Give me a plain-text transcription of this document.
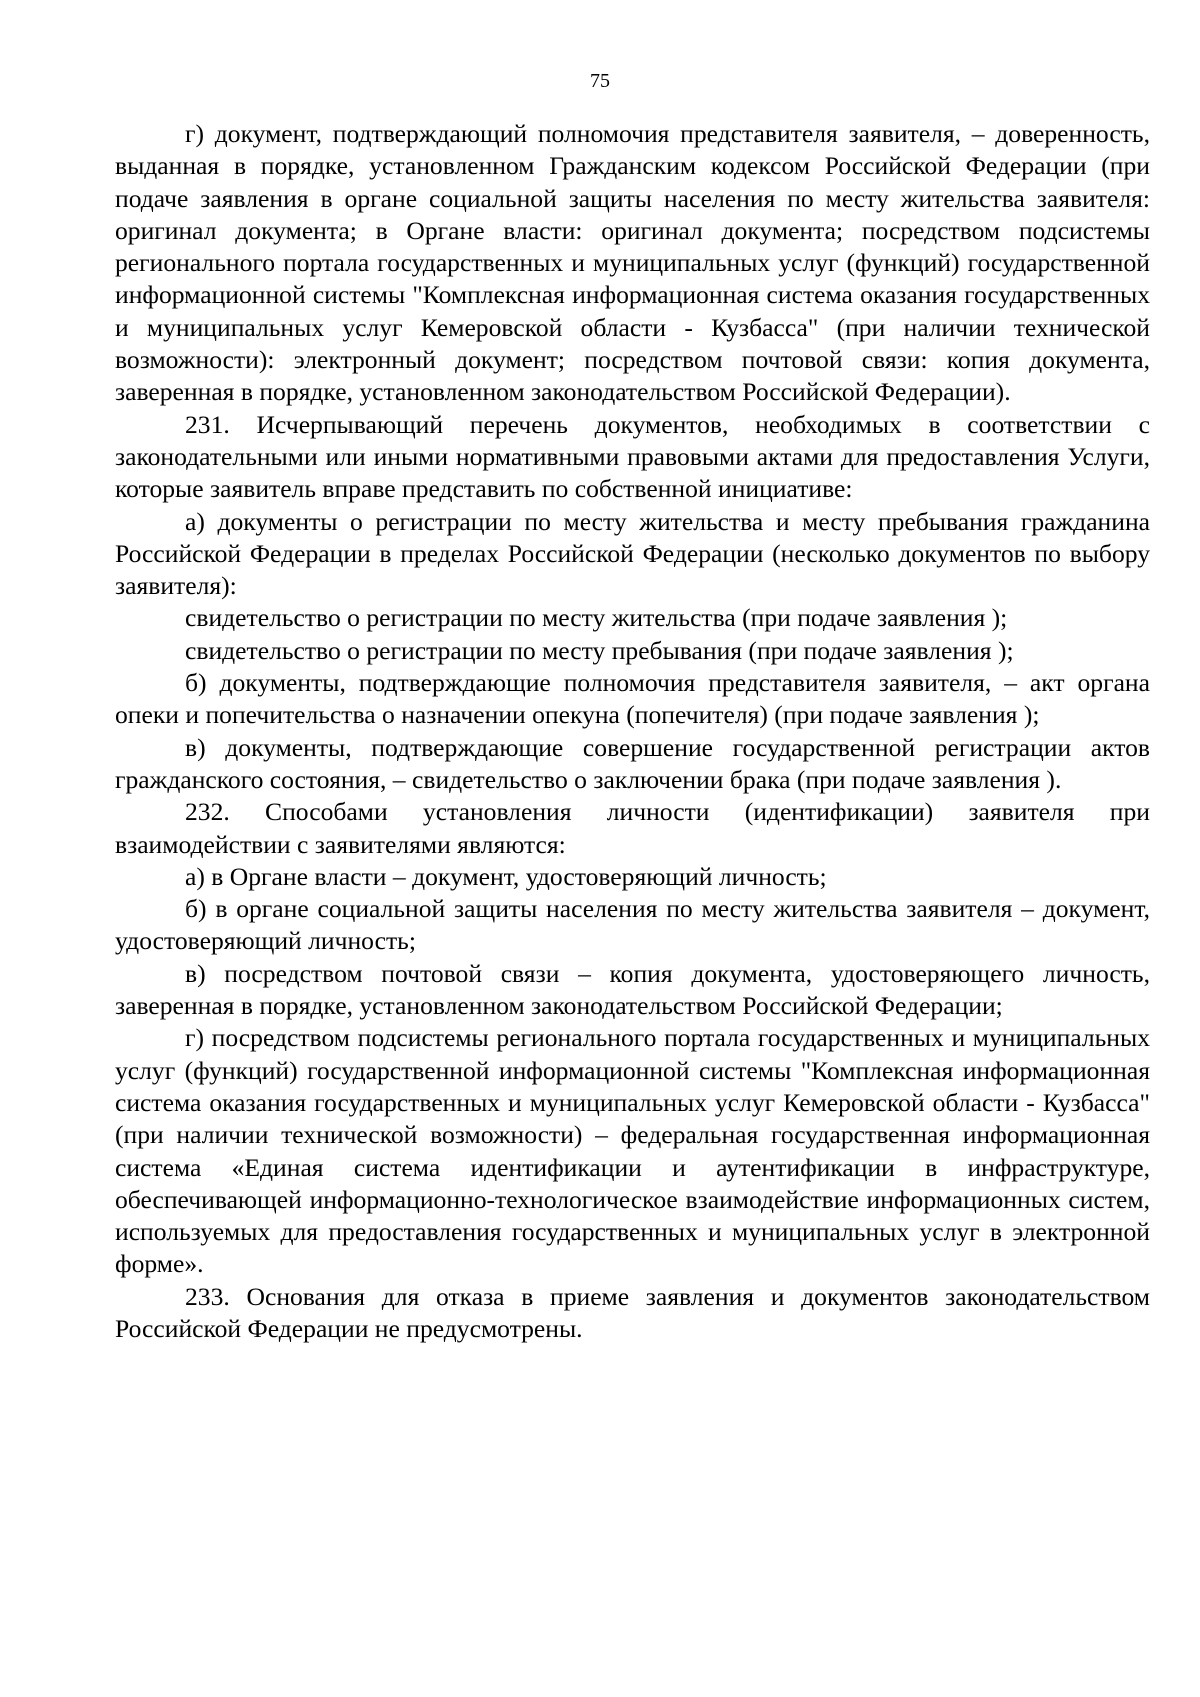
75

г) документ, подтверждающий полномочия представителя заявителя, – доверенность, выданная в порядке, установленном Гражданским кодексом Российской Федерации (при подаче заявления в органе социальной защиты населения по месту жительства заявителя: оригинал документа; в Органе власти: оригинал документа; посредством подсистемы регионального портала государственных и муниципальных услуг (функций) государственной информационной системы "Комплексная информационная система оказания государственных и муниципальных услуг Кемеровской области - Кузбасса" (при наличии технической возможности): электронный документ; посредством почтовой связи: копия документа, заверенная в порядке, установленном законодательством Российской Федерации).

231. Исчерпывающий перечень документов, необходимых в соответствии с законодательными или иными нормативными правовыми актами для предоставления Услуги, которые заявитель вправе представить по собственной инициативе:

а) документы о регистрации по месту жительства и месту пребывания гражданина Российской Федерации в пределах Российской Федерации (несколько документов по выбору заявителя):

свидетельство о регистрации по месту жительства (при подаче заявления );

свидетельство о регистрации по месту пребывания (при подаче заявления );

б) документы, подтверждающие полномочия представителя заявителя, – акт органа опеки и попечительства о назначении опекуна (попечителя) (при подаче заявления );

в) документы, подтверждающие совершение государственной регистрации актов гражданского состояния, – свидетельство о заключении брака (при подаче заявления ).

232. Способами установления личности (идентификации) заявителя при взаимодействии с заявителями являются:

а) в Органе власти – документ, удостоверяющий личность;

б) в органе социальной защиты населения по месту жительства заявителя – документ, удостоверяющий личность;

в) посредством почтовой связи – копия документа, удостоверяющего личность, заверенная в порядке, установленном законодательством Российской Федерации;

г) посредством подсистемы регионального портала государственных и муниципальных услуг (функций) государственной информационной системы "Комплексная информационная система оказания государственных и муниципальных услуг Кемеровской области - Кузбасса" (при наличии технической возможности) – федеральная государственная информационная система «Единая система идентификации и аутентификации в инфраструктуре, обеспечивающей информационно-технологическое взаимодействие информационных систем, используемых для предоставления государственных и муниципальных услуг в электронной форме».

233. Основания для отказа в приеме заявления и документов законодательством Российской Федерации не предусмотрены.
